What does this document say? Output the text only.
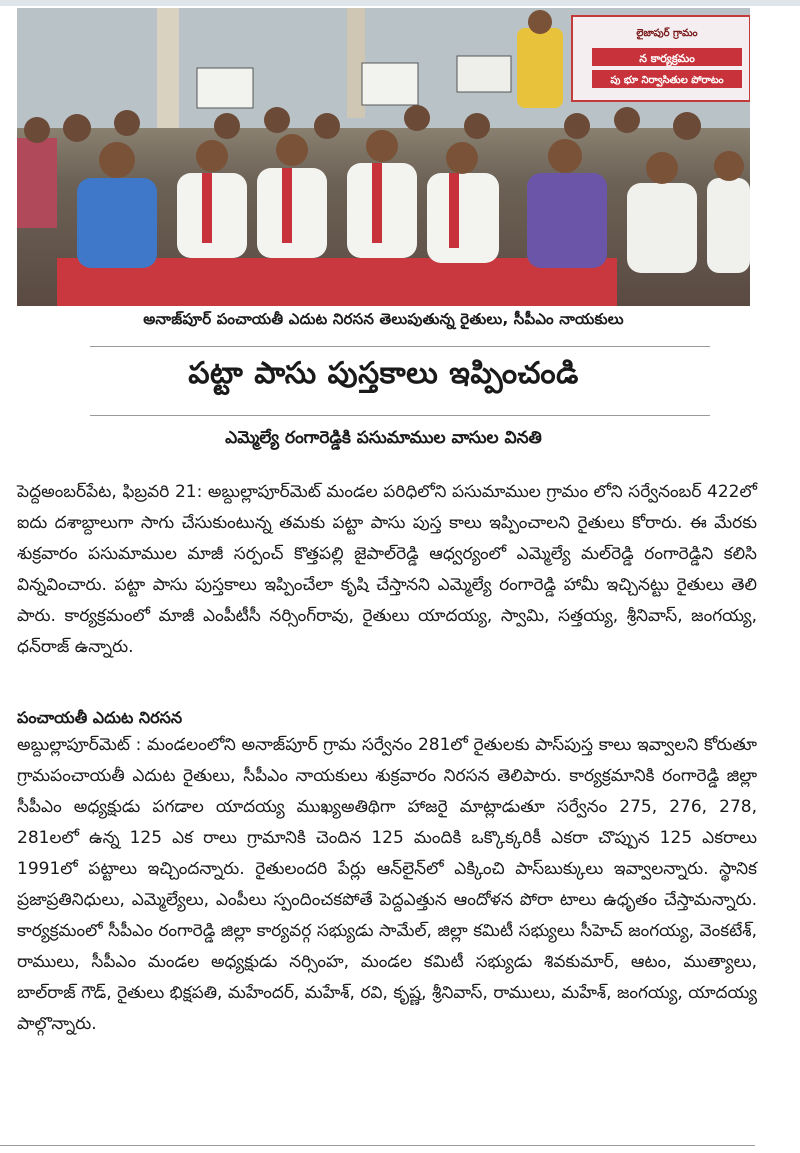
లైజాపుర్ గ్రామం
న కార్యక్రమం
పు భూ నిర్వాసితుల పోరాటం
అనాజ్‌పూర్ పంచాయతీ ఎదుట నిరసన తెలుపుతున్న రైతులు, సీపీఎం నాయకులు
పట్టా పాసు పుస్తకాలు ఇప్పించండి
ఎమ్మెల్యే రంగారెడ్డికి పసుమాముల వాసుల వినతి

పెద్దఅంబర్‌పేట, ఫిబ్రవరి 21: అబ్దుల్లాపూర్‌మెట్ మండల పరిధిలోని పసుమాముల గ్రామం లోని సర్వేనంబర్ 422లో ఐదు దశాబ్దాలుగా సాగు చేసుకుంటున్న తమకు పట్టా పాసు పుస్త కాలు ఇప్పించాలని రైతులు కోరారు. ఈ మేరకు శుక్రవారం పసుమాముల మాజీ సర్పంచ్ కొత్తపల్లి జైపాల్‌రెడ్డి ఆధ్వర్యంలో ఎమ్మెల్యే మల్‌రెడ్డి రంగారెడ్డిని కలిసి విన్నవించారు. పట్టా పాసు పుస్తకాలు ఇప్పించేలా కృషి చేస్తానని ఎమ్మెల్యే రంగారెడ్డి హామీ ఇచ్చినట్టు రైతులు తెలి పారు. కార్యక్రమంలో మాజీ ఎంపీటీసీ నర్సింగ్‌రావు, రైతులు యాదయ్య, స్వామి, సత్తయ్య, శ్రీనివాస్, జంగయ్య, ధన్‌రాజ్ ఉన్నారు.

పంచాయతీ ఎదుట నిరసన

అబ్దుల్లాపూర్‌మెట్ : మండలంలోని అనాజ్‌పూర్ గ్రామ సర్వేనం 281లో రైతులకు పాస్‌పుస్త కాలు ఇవ్వాలని కోరుతూ గ్రామపంచాయతీ ఎదుట రైతులు, సీపీఎం నాయకులు శుక్రవారం నిరసన తెలిపారు. కార్యక్రమానికి రంగారెడ్డి జిల్లా సీపీఎం అధ్యక్షుడు పగడాల యాదయ్య ముఖ్యఅతిథిగా హాజరై మాట్లాడుతూ సర్వేనం 275, 276, 278, 281లలో ఉన్న 125 ఎక రాలు గ్రామానికి చెందిన 125 మందికి ఒక్కొక్కరికీ ఎకరా చొప్పున 125 ఎకరాలు 1991లో పట్టాలు ఇచ్చిందన్నారు. రైతులందరి పేర్లు ఆన్‌లైన్‌లో ఎక్కించి పాస్‌బుక్కులు ఇవ్వాలన్నారు. స్థానిక ప్రజాప్రతినిధులు, ఎమ్మెల్యేలు, ఎంపీలు స్పందించకపోతే పెద్దఎత్తున ఆందోళన పోరా టాలు ఉధృతం చేస్తామన్నారు. కార్యక్రమంలో సీపీఎం రంగారెడ్డి జిల్లా కార్యవర్గ సభ్యుడు సామేల్, జిల్లా కమిటీ సభ్యులు సీహెచ్ జంగయ్య, వెంకటేశ్, రాములు, సీపీఎం మండల అధ్యక్షుడు నర్సింహ, మండల కమిటీ సభ్యుడు శివకుమార్, ఆటం, ముత్యాలు, బాల్‌రాజ్ గౌడ్, రైతులు భిక్షపతి, మహేందర్, మహేశ్, రవి, కృష్ణ, శ్రీనివాస్, రాములు, మహేశ్, జంగయ్య, యాదయ్య పాల్గొన్నారు.
